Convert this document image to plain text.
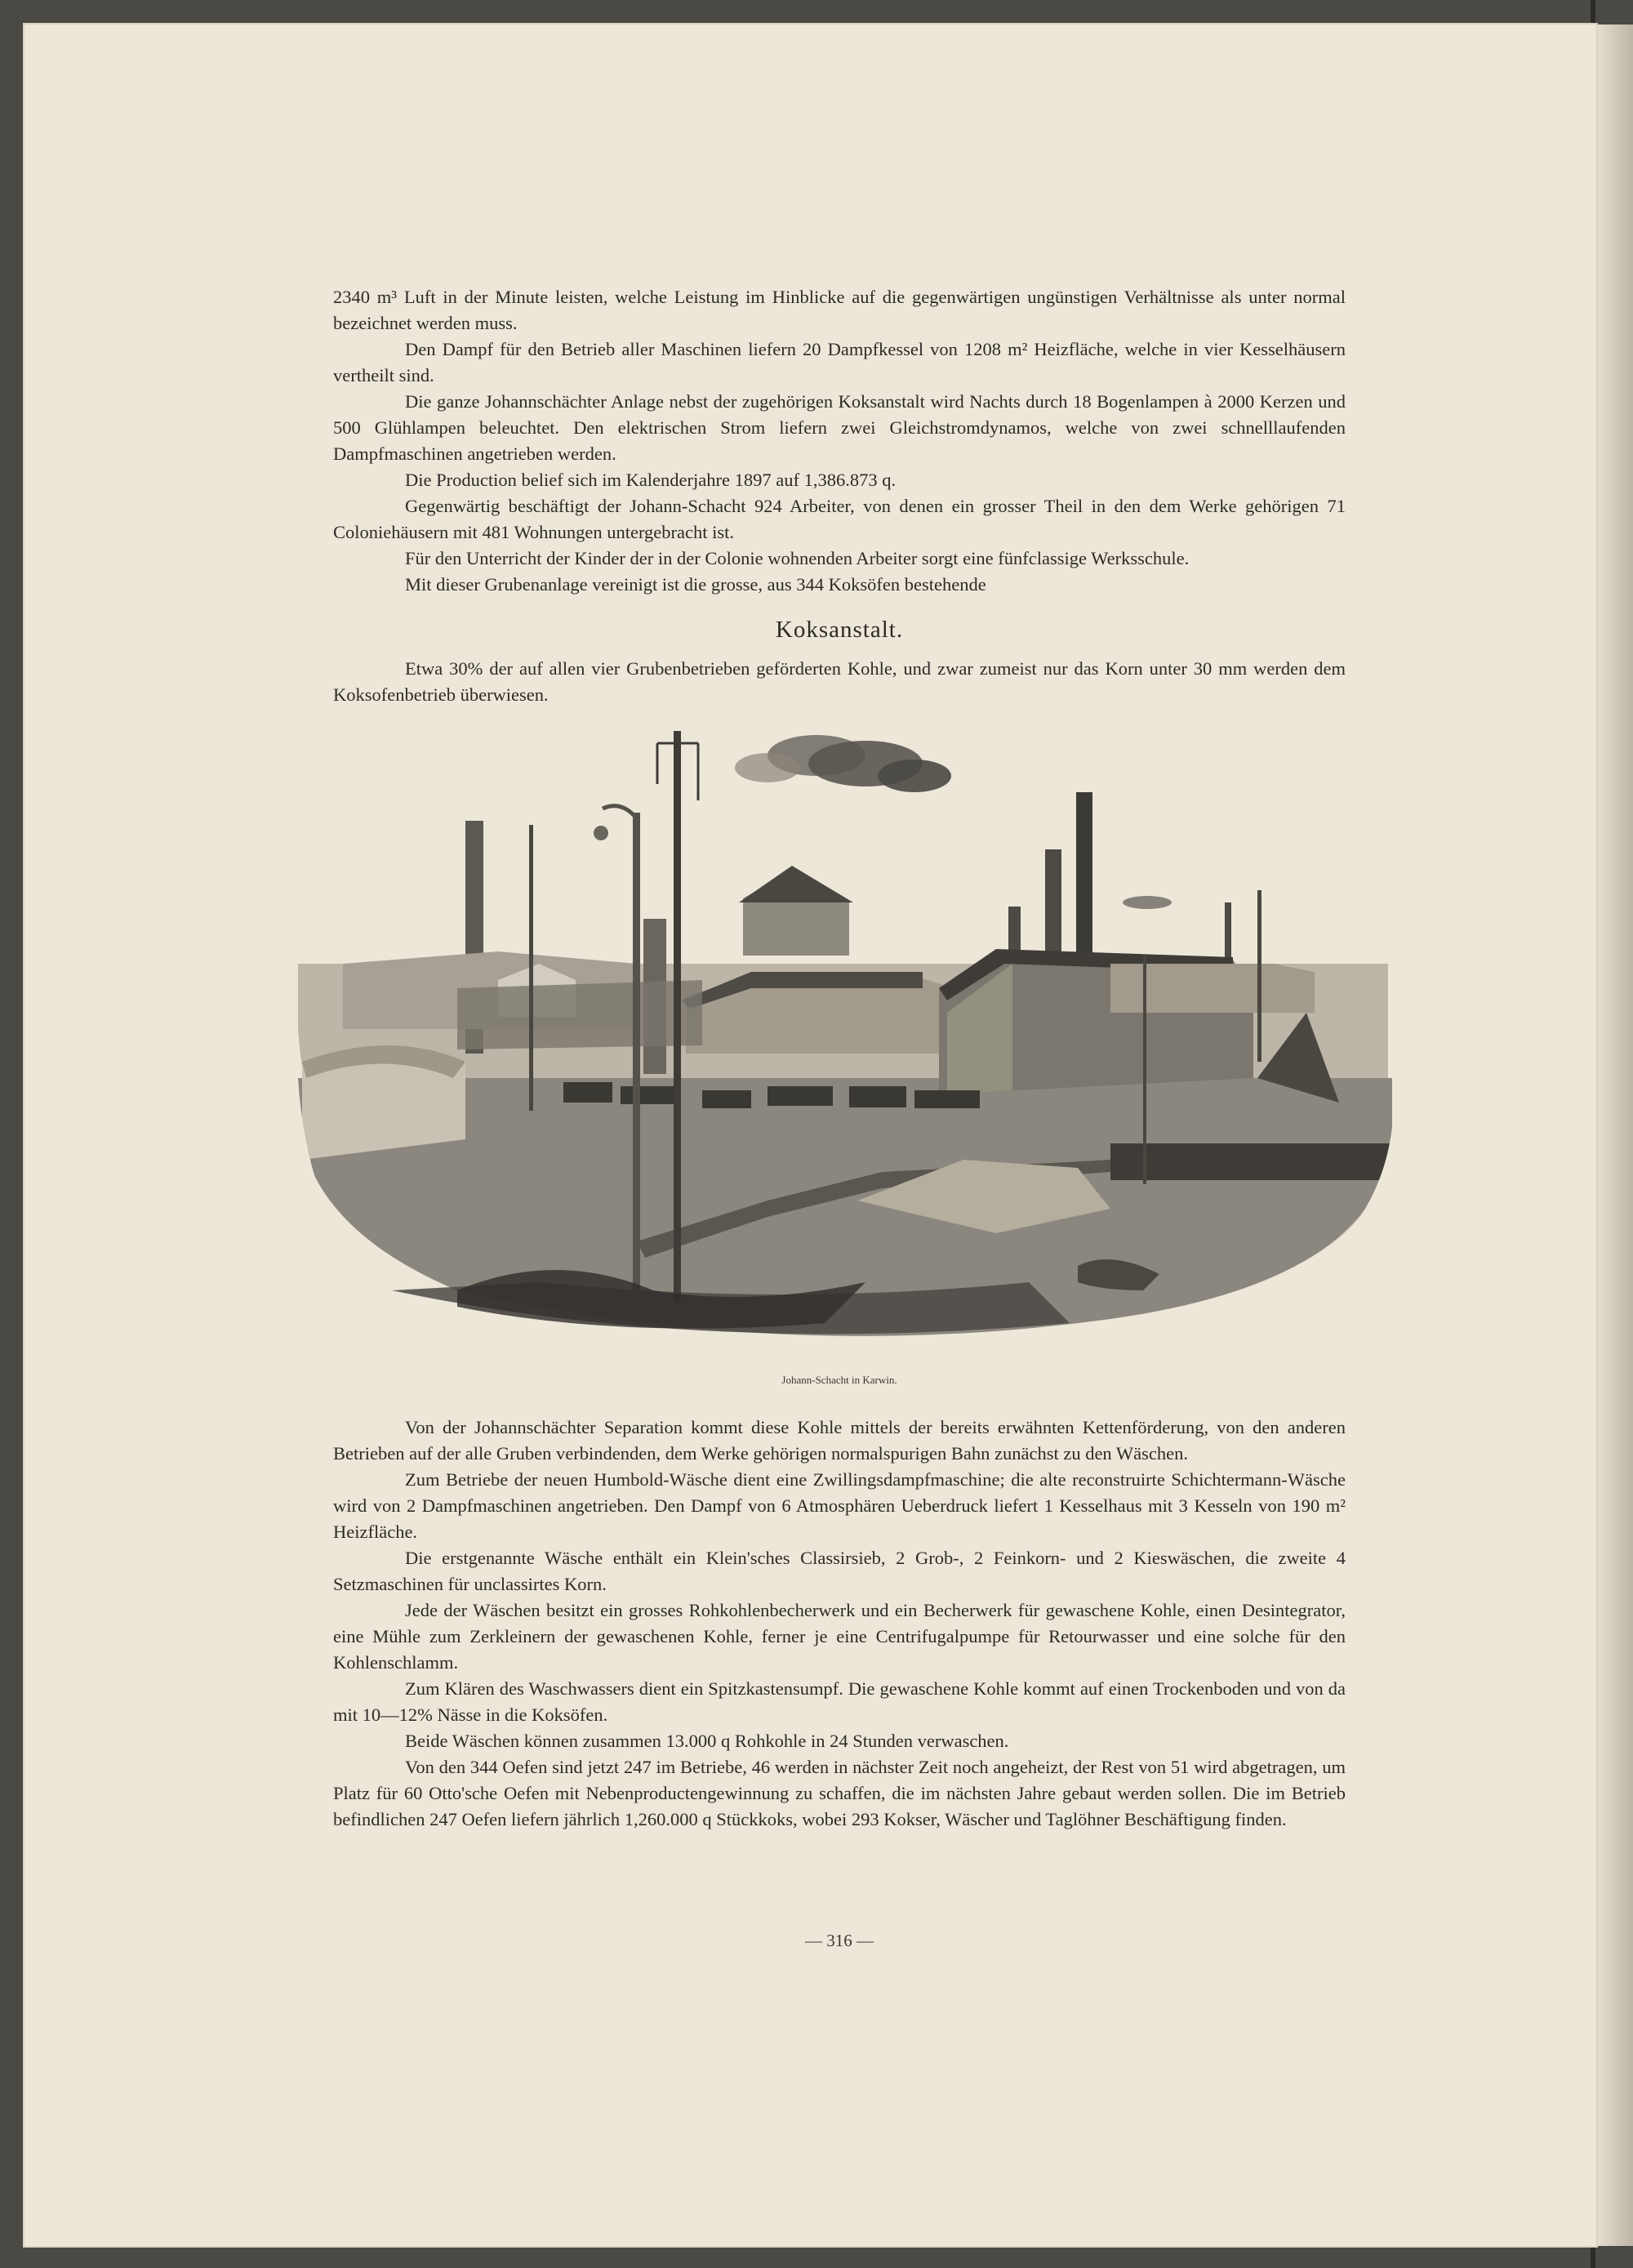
2340 m³ Luft in der Minute leisten, welche Leistung im Hinblicke auf die gegenwärtigen ungünstigen Verhältnisse als unter normal bezeichnet werden muss.

Den Dampf für den Betrieb aller Maschinen liefern 20 Dampfkessel von 1208 m² Heizfläche, welche in vier Kesselhäusern vertheilt sind.

Die ganze Johannschächter Anlage nebst der zugehörigen Koksanstalt wird Nachts durch 18 Bogenlampen à 2000 Kerzen und 500 Glühlampen beleuchtet. Den elektrischen Strom liefern zwei Gleichstromdynamos, welche von zwei schnelllaufenden Dampfmaschinen angetrieben werden.

Die Production belief sich im Kalenderjahre 1897 auf 1,386.873 q.

Gegenwärtig beschäftigt der Johann-Schacht 924 Arbeiter, von denen ein grosser Theil in den dem Werke gehörigen 71 Coloniehäusern mit 481 Wohnungen untergebracht ist.

Für den Unterricht der Kinder der in der Colonie wohnenden Arbeiter sorgt eine fünfclassige Werksschule.

Mit dieser Grubenanlage vereinigt ist die grosse, aus 344 Koksöfen bestehende

Koksanstalt.

Etwa 30% der auf allen vier Grubenbetrieben geförderten Kohle, und zwar zumeist nur das Korn unter 30 mm werden dem Koksofenbetrieb überwiesen.

Johann-Schacht in Karwin.

Von der Johannschächter Separation kommt diese Kohle mittels der bereits erwähnten Kettenförderung, von den anderen Betrieben auf der alle Gruben verbindenden, dem Werke gehörigen normalspurigen Bahn zunächst zu den Wäschen.

Zum Betriebe der neuen Humbold-Wäsche dient eine Zwillingsdampfmaschine; die alte reconstruirte Schichtermann-Wäsche wird von 2 Dampfmaschinen angetrieben. Den Dampf von 6 Atmosphären Ueberdruck liefert 1 Kesselhaus mit 3 Kesseln von 190 m² Heizfläche.

Die erstgenannte Wäsche enthält ein Klein'sches Classirsieb, 2 Grob-, 2 Feinkorn- und 2 Kieswäschen, die zweite 4 Setzmaschinen für unclassirtes Korn.

Jede der Wäschen besitzt ein grosses Rohkohlenbecherwerk und ein Becherwerk für gewaschene Kohle, einen Desintegrator, eine Mühle zum Zerkleinern der gewaschenen Kohle, ferner je eine Centrifugalpumpe für Retourwasser und eine solche für den Kohlenschlamm.

Zum Klären des Waschwassers dient ein Spitzkastensumpf. Die gewaschene Kohle kommt auf einen Trockenboden und von da mit 10—12% Nässe in die Koksöfen.

Beide Wäschen können zusammen 13.000 q Rohkohle in 24 Stunden verwaschen.

Von den 344 Oefen sind jetzt 247 im Betriebe, 46 werden in nächster Zeit noch angeheizt, der Rest von 51 wird abgetragen, um Platz für 60 Otto'sche Oefen mit Nebenproductengewinnung zu schaffen, die im nächsten Jahre gebaut werden sollen. Die im Betrieb befindlichen 247 Oefen liefern jährlich 1,260.000 q Stückkoks, wobei 293 Kokser, Wäscher und Taglöhner Beschäftigung finden.

— 316 —
